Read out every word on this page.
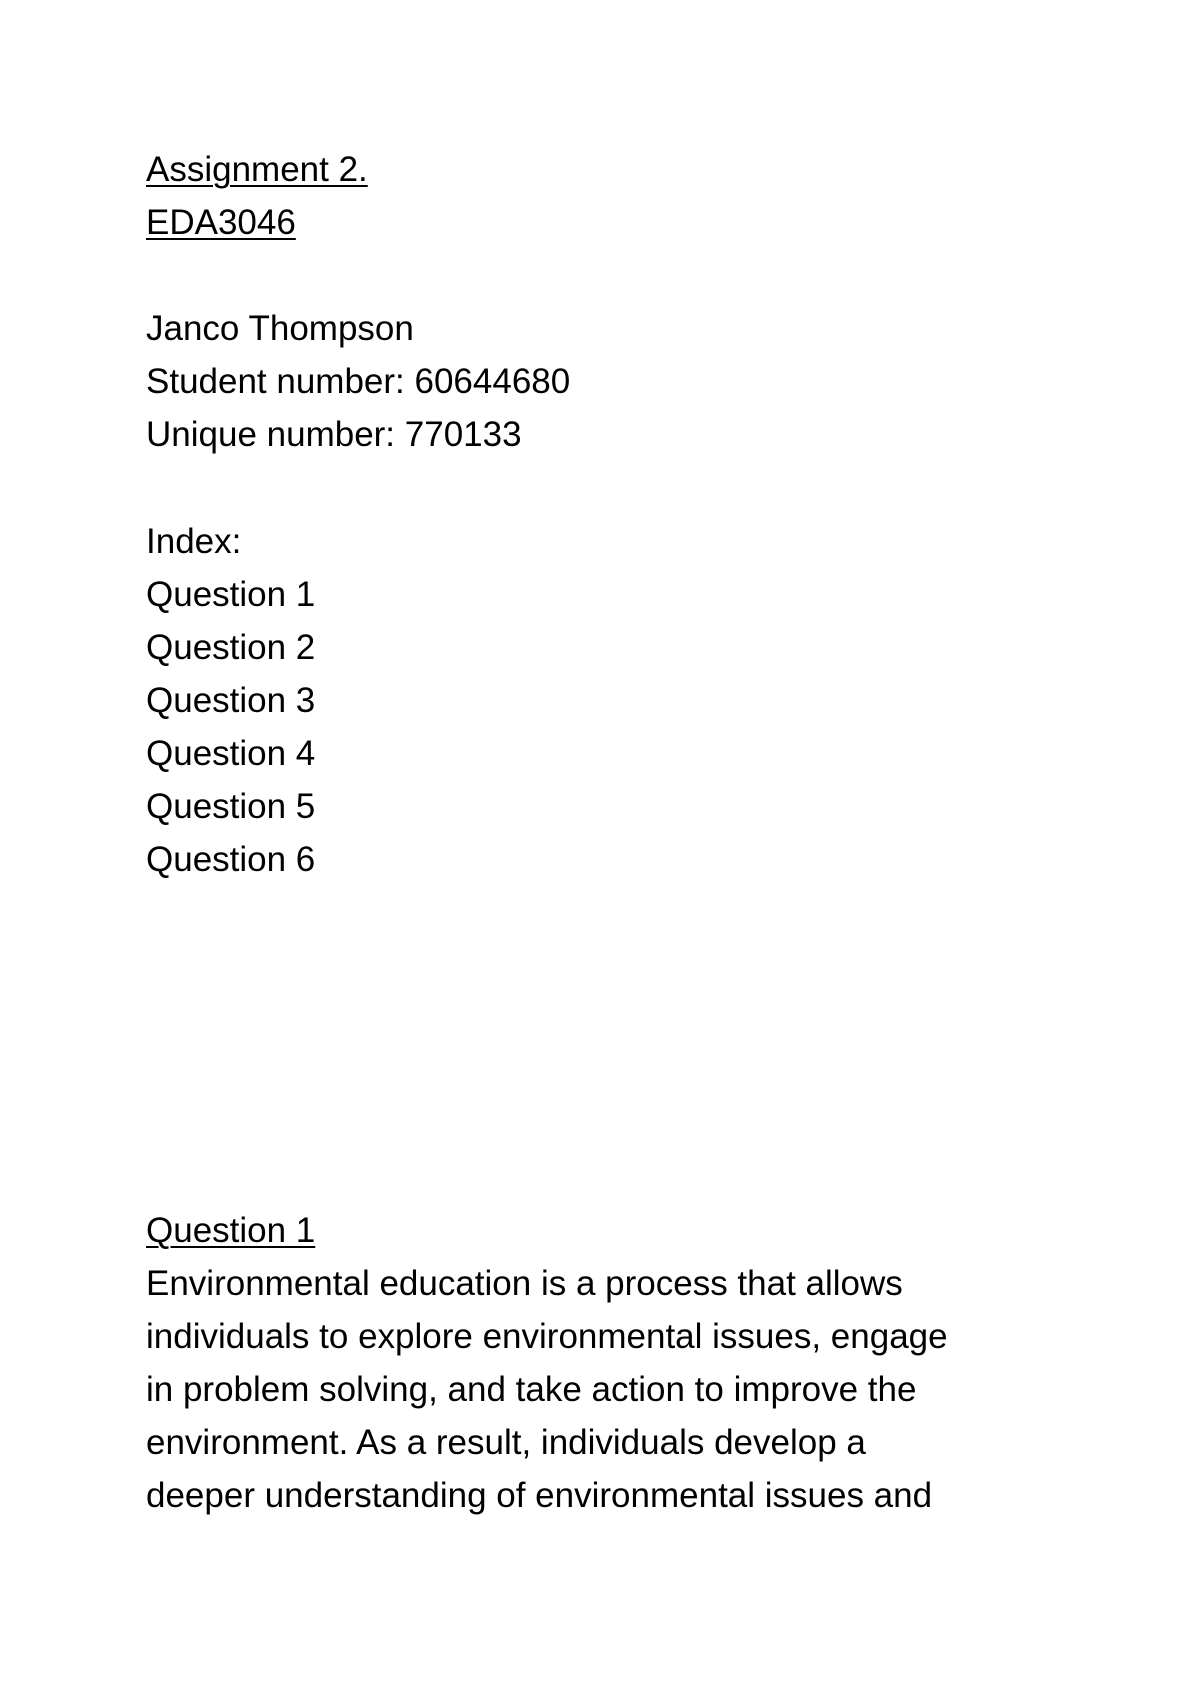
Assignment 2.
EDA3046
Janco Thompson
Student number: 60644680
Unique number: 770133
Index:
Question 1
Question 2
Question 3
Question 4
Question 5
Question 6
Question 1
Environmental education is a process that allows
individuals to explore environmental issues, engage
in problem solving, and take action to improve the
environment. As a result, individuals develop a
deeper understanding of environmental issues and
